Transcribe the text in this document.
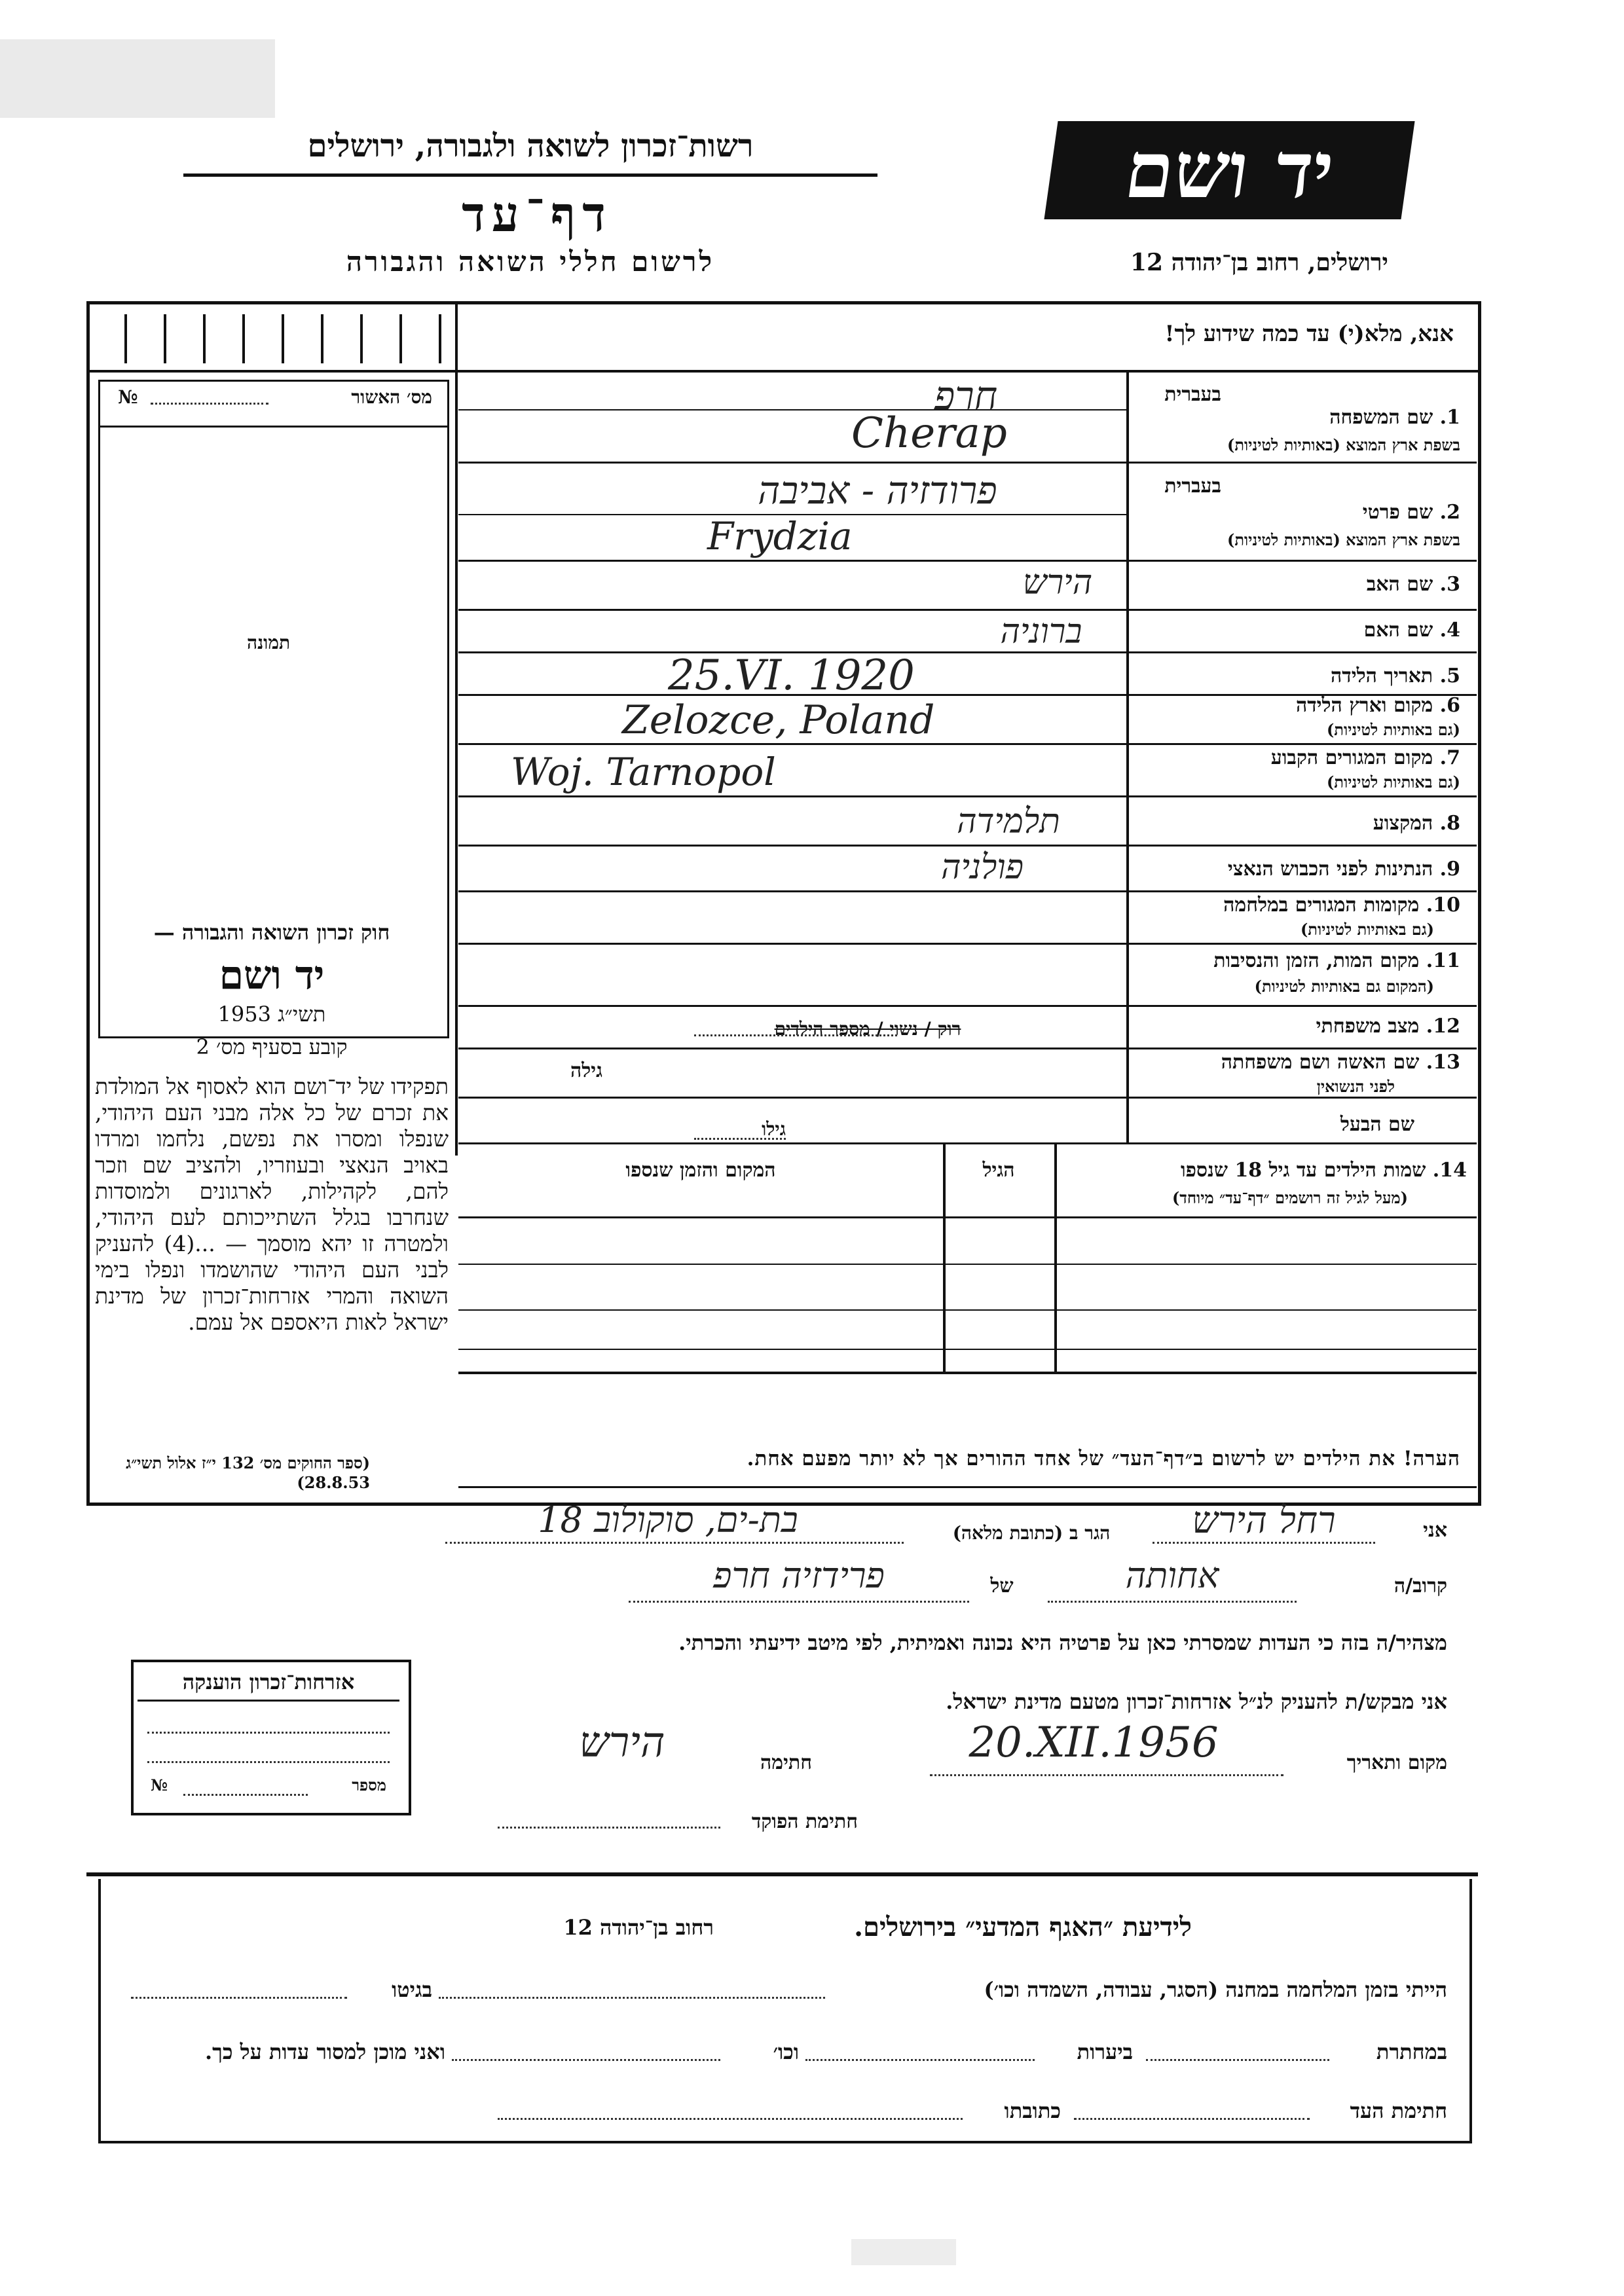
רשות־זכרון לשואה ולגבורה, ירושלים
דף־עד
לרשום חללי השואה והגבורה
יד ושם
ירושלים, רחוב בן־יהודה 12
אנא, מלא(י) עד כמה שידוע לך!
מס׳ האשור
№
תמונה
חוק זכרון השואה והגבורה —
יד ושם
תשי״ג 1953
קובע בסעיף מס׳ 2
תפקידו של יד־ושם הוא לאסוף אל המולדת את זכרם של כל אלה מבני העם היהודי, שנפלו ומסרו את נפשם, נלחמו ומרדו באויב הנאצי ובעוזריו, ולהציב שם וזכר להם, לקהילות, לארגונים ולמוסדות שנחרבו בגלל השתייכותם לעם היהודי, ולמטרה זו יהא מוסמך — ...(4) להעניק לבני העם היהודי שהושמדו ונפלו בימי השואה והמרי אזרחות־זכרון של מדינת ישראל לאות היאספם אל עמם.
(ספר החוקים מס׳ 132 י״ז אלול תשי״ג 28.8.53)
בעברית
1. שם המשפחה
בשפת ארץ המוצא (באותיות לטיניות)
חרפ
Cherap
בעברית
2. שם פרטי
בשפת ארץ המוצא (באותיות לטיניות)
פרודזיה - אביבה
Frydzia
3. שם האב
הירש
4. שם האם
ברוניה
5. תאריך הלידה
25.VI. 1920
6. מקום וארץ הלידה
(גם באותיות לטיניות)
Zelozce, Poland
7. מקום המגורים הקבוע
(גם באותיות לטיניות)
Woj. Tarnopol
8. המקצוע
תלמידה
9. הנתינות לפני הכבוש הנאצי
פולניה
10. מקומות המגורים במלחמה
(גם באותיות לטיניות)
11. מקום המות, הזמן והנסיבות
(המקום גם באותיות לטיניות)
12. מצב משפחתי
רוק / נשוי / מספר הילדים
13. שם האשה ושם משפחתה
לפני הנשואין
גילה
שם הבעל
גילו
14. שמות הילדים עד גיל 18 שנספו
(מעל לגיל זה רושמים ״דף־עד״ מיוחד)
הגיל
המקום והזמן שנספו
הערה! את הילדים יש לרשום ב״דף־העד״ של אחד ההורים אך לא יותר מפעם אחת.
אני
רחל הירש
הגר ב (כתובת מלאה)
בת-ים, סוקולוב 18
קרוב/ה
אחותה
של
פרידזיה חרפ
מצהיר/ה בזה כי העדות שמסרתי כאן על פרטיה היא נכונה ואמיתית, לפי מיטב ידיעתי והכרתי.
אני מבקש/ת להעניק לנ״ל אזרחות־זכרון מטעם מדינת ישראל.
מקום ותאריך
20.XII.1956
חתימה
הירש
חתימת הפוקד
אזרחות־זכרון הוענקה
מספר
№
לידיעת ״האגף המדעי״ בירושלים.
רחוב בן־יהודה 12
הייתי בזמן המלחמה במחנה (הסגר, עבודה, השמדה וכו׳)
בגיטו
במחתרת
ביערות
וכו׳
ואני מוכן למסור עדות על כך.
חתימת העד
כתובתו
